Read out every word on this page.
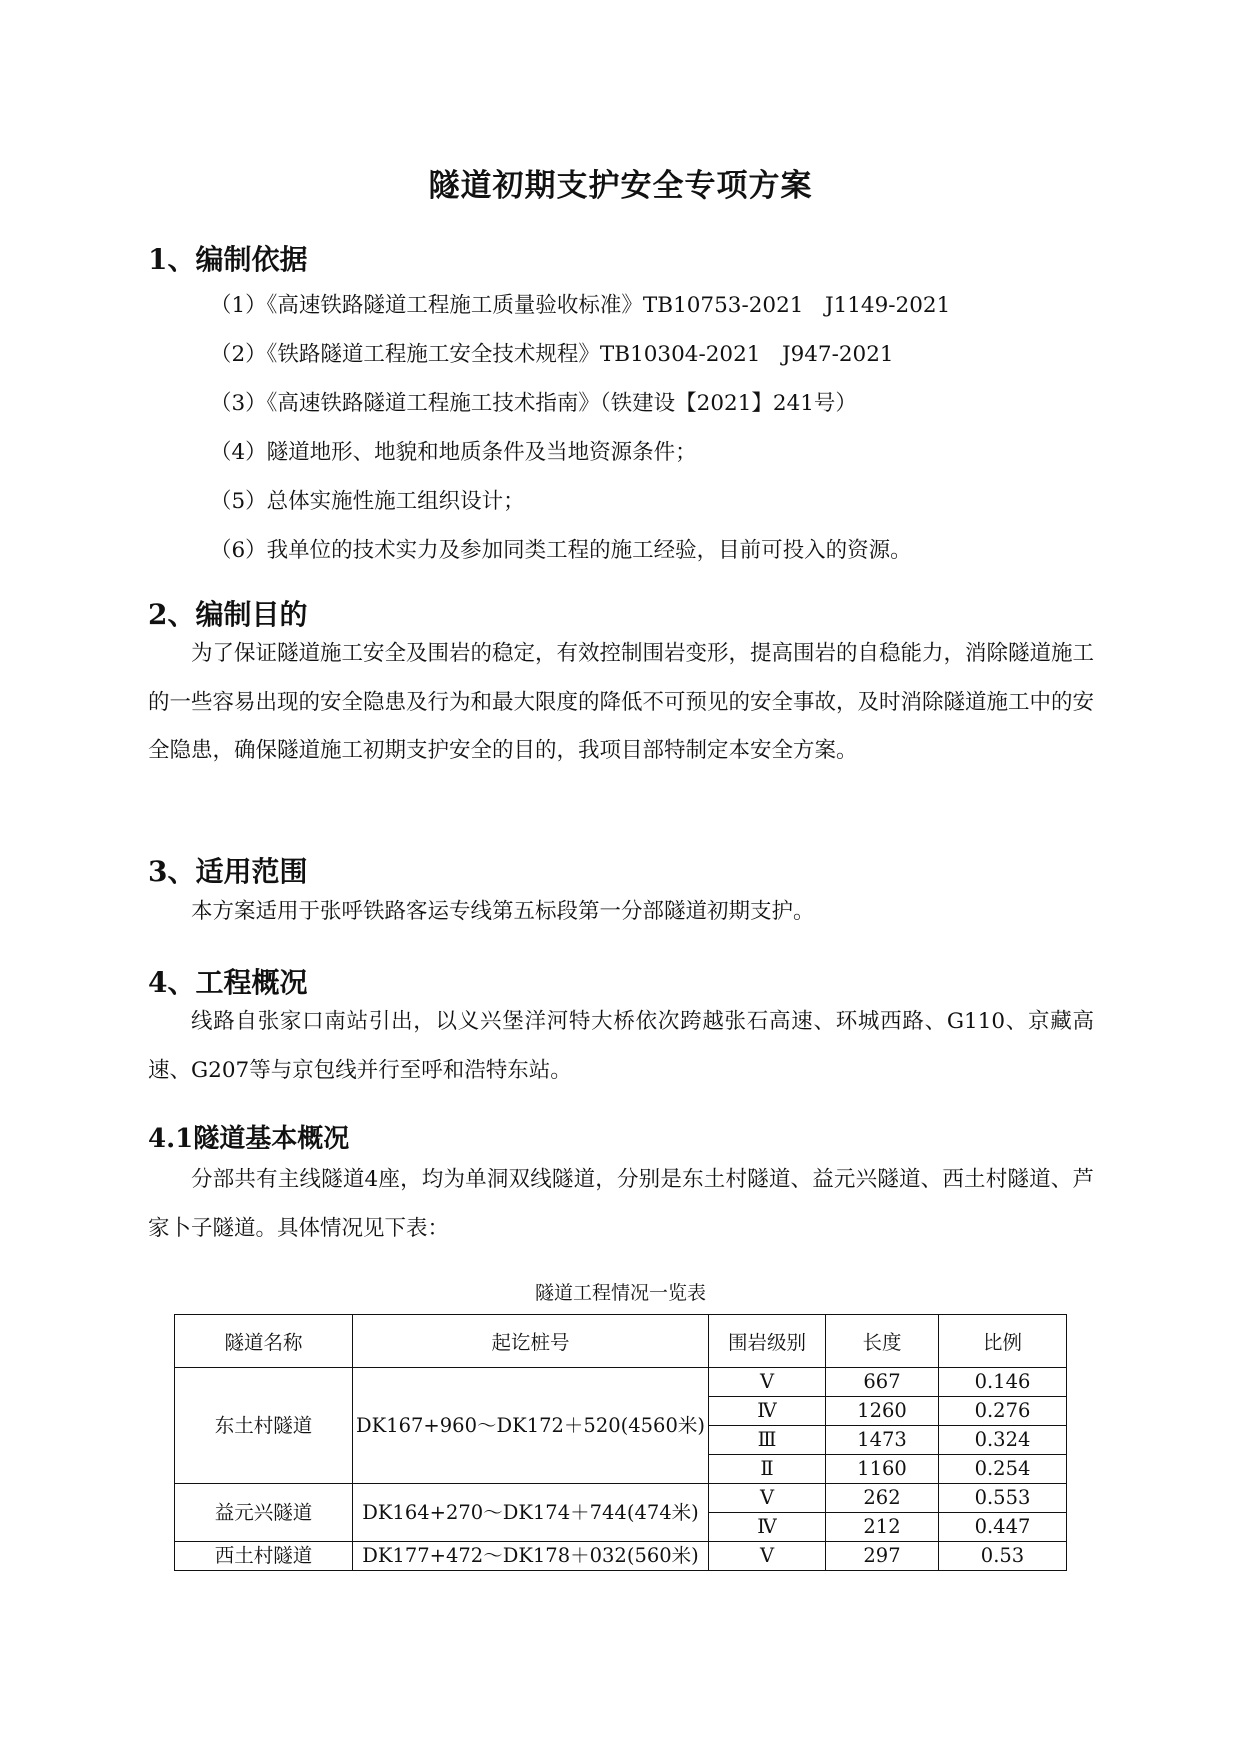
隧道初期支护安全专项方案
1、编制依据
（1）《高速铁路隧道工程施工质量验收标准》TB10753-2021　J1149-2021
（2）《铁路隧道工程施工安全技术规程》TB10304-2021　J947-2021
（3）《高速铁路隧道工程施工技术指南》（铁建设【2021】241号）
（4）隧道地形、地貌和地质条件及当地资源条件；
（5）总体实施性施工组织设计；
（6）我单位的技术实力及参加同类工程的施工经验，目前可投入的资源。
2、编制目的
为了保证隧道施工安全及围岩的稳定，有效控制围岩变形，提高围岩的自稳能力，消除隧道施工的一些容易出现的安全隐患及行为和最大限度的降低不可预见的安全事故，及时消除隧道施工中的安全隐患，确保隧道施工初期支护安全的目的，我项目部特制定本安全方案。
3、适用范围
本方案适用于张呼铁路客运专线第五标段第一分部隧道初期支护。
4、工程概况
线路自张家口南站引出，以义兴堡洋河特大桥依次跨越张石高速、环城西路、G110、京藏高速、G207等与京包线并行至呼和浩特东站。
4.1隧道基本概况
分部共有主线隧道4座，均为单洞双线隧道，分别是东土村隧道、益元兴隧道、西土村隧道、芦家卜子隧道。具体情况见下表：
隧道工程情况一览表
隧道名称	起讫桩号	围岩级别	长度	比例
东土村隧道	DK167+960～DK172＋520(4560米)	Ⅴ	667	0.146
		Ⅳ	1260	0.276
		Ⅲ	1473	0.324
		Ⅱ	1160	0.254
益元兴隧道	DK164+270～DK174＋744(474米)	Ⅴ	262	0.553
		Ⅳ	212	0.447
西土村隧道	DK177+472～DK178＋032(560米)	Ⅴ	297	0.53
